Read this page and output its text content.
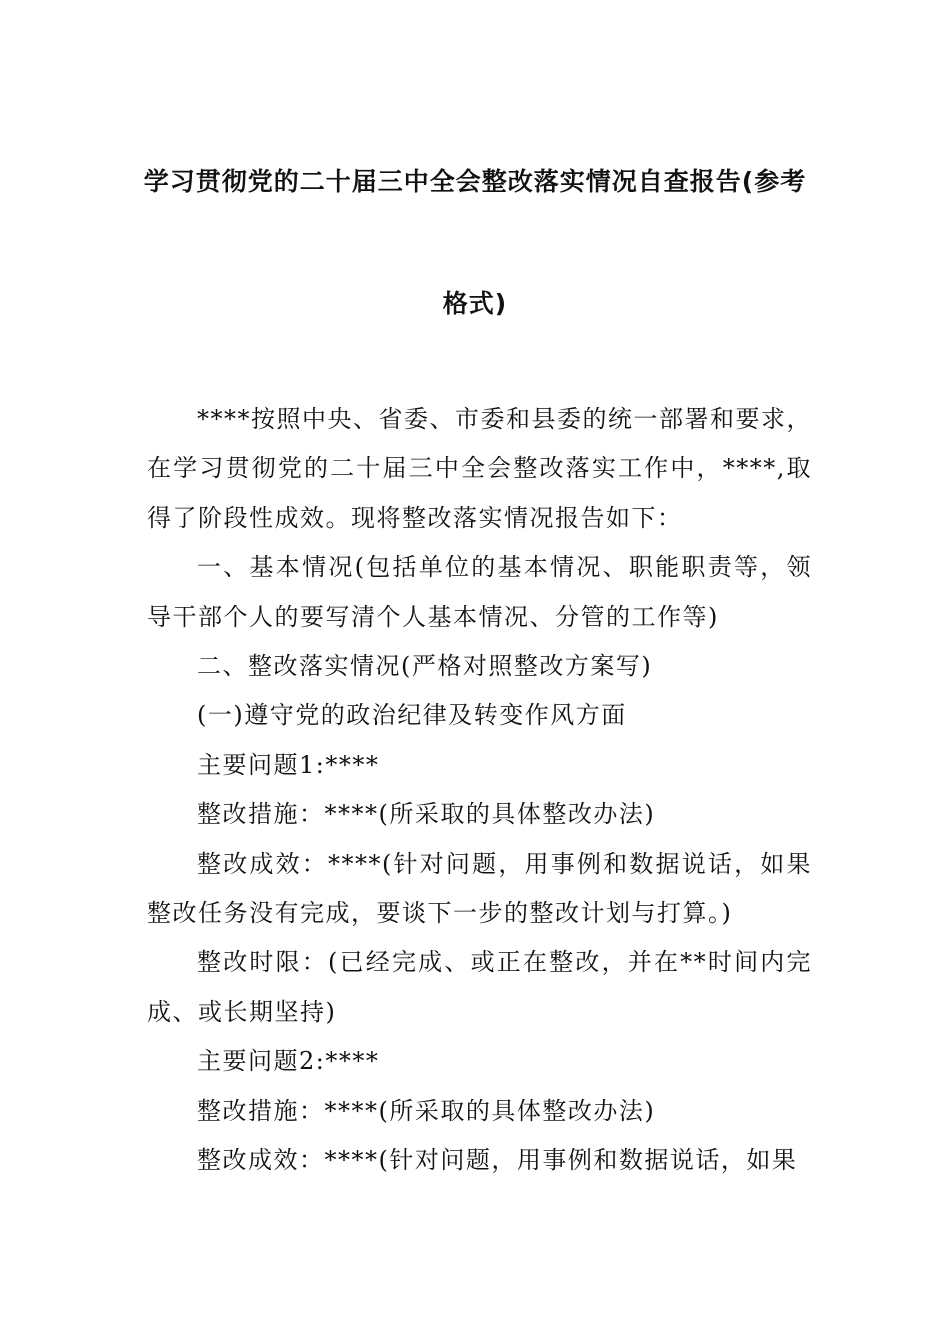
学习贯彻党的二十届三中全会整改落实情况自查报告(参考
格式)

****按照中央、省委、市委和县委的统一部署和要求，在学习贯彻党的二十届三中全会整改落实工作中，****,取得了阶段性成效。现将整改落实情况报告如下：

一、基本情况(包括单位的基本情况、职能职责等，领导干部个人的要写清个人基本情况、分管的工作等)

二、整改落实情况(严格对照整改方案写)

(一)遵守党的政治纪律及转变作风方面

主要问题1:****

整改措施：****(所采取的具体整改办法)

整改成效：****(针对问题，用事例和数据说话，如果整改任务没有完成，要谈下一步的整改计划与打算。)

整改时限：(已经完成、或正在整改，并在**时间内完成、或长期坚持)

主要问题2:****

整改措施：****(所采取的具体整改办法)

整改成效：****(针对问题，用事例和数据说话，如果
